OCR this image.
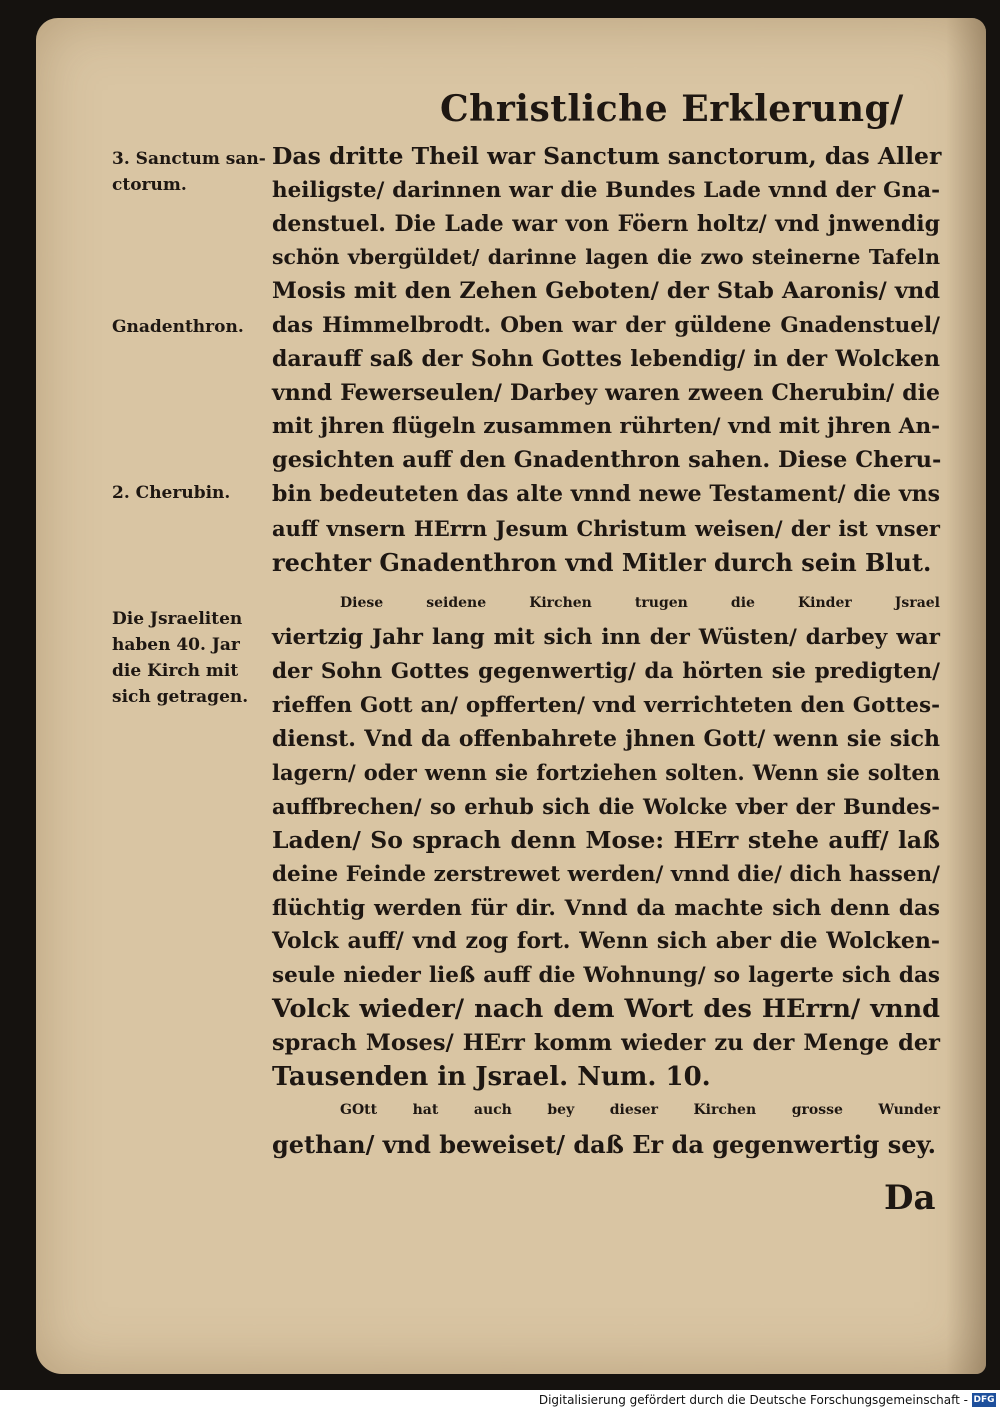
Christliche Erklerung/
3. Sanctum san-
ctorum.
Gnadenthron.
2. Cherubin.
Die Jsraeliten
haben 40. Jar
die Kirch mit
sich getragen.
Das dritte Theil war Sanctum sanctorum, das Aller
heiligste/ darinnen war die Bundes Lade vnnd der Gna-
denstuel. Die Lade war von Föern holtz/ vnd jnwendig
schön vbergüldet/ darinne lagen die zwo steinerne Tafeln
Mosis mit den Zehen Geboten/ der Stab Aaronis/ vnd
das Himmelbrodt. Oben war der güldene Gnadenstuel/
darauff saß der Sohn Gottes lebendig/ in der Wolcken
vnnd Fewerseulen/ Darbey waren zween Cherubin/ die
mit jhren flügeln zusammen rührten/ vnd mit jhren An-
gesichten auff den Gnadenthron sahen. Diese Cheru-
bin bedeuteten das alte vnnd newe Testament/ die vns
auff vnsern HErrn Jesum Christum weisen/ der ist vnser
rechter Gnadenthron vnd Mitler durch sein Blut.
Diese seidene Kirchen trugen die Kinder Jsrael
viertzig Jahr lang mit sich inn der Wüsten/ darbey war
der Sohn Gottes gegenwertig/ da hörten sie predigten/
rieffen Gott an/ opfferten/ vnd verrichteten den Gottes-
dienst. Vnd da offenbahrete jhnen Gott/ wenn sie sich
lagern/ oder wenn sie fortziehen solten. Wenn sie solten
auffbrechen/ so erhub sich die Wolcke vber der Bundes-
Laden/ So sprach denn Mose: HErr stehe auff/ laß
deine Feinde zerstrewet werden/ vnnd die/ dich hassen/
flüchtig werden für dir. Vnnd da machte sich denn das
Volck auff/ vnd zog fort. Wenn sich aber die Wolcken-
seule nieder ließ auff die Wohnung/ so lagerte sich das
Volck wieder/ nach dem Wort des HErrn/ vnnd
sprach Moses/ HErr komm wieder zu der Menge der
Tausenden in Jsrael. Num. 10.
GOtt hat auch bey dieser Kirchen grosse Wunder
gethan/ vnd beweiset/ daß Er da gegenwertig sey.
Da
Digitalisierung gefördert durch die Deutsche Forschungsgemeinschaft - DFG
